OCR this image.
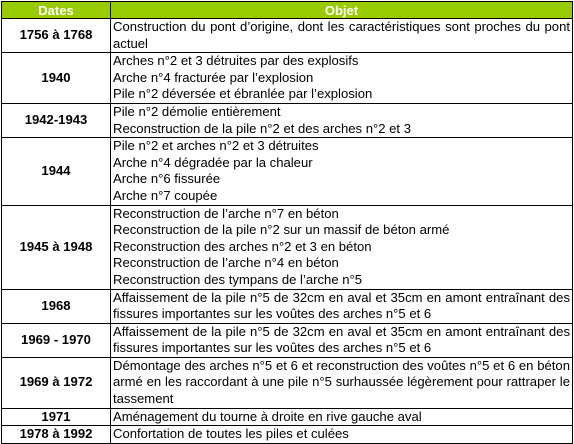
Dates	Objet
1756 à 1768	Construction du pont d’origine, dont les caractéristiques sont proches du pont actuel

1940	Arches n°2 et 3 détruites par des explosifs
Arche n°4 fracturée par l’explosion
Pile n°2 déversée et ébranlée par l’explosion

1942-1943	Pile n°2 démolie entièrement
Reconstruction de la pile n°2 et des arches n°2 et 3

1944	Pile n°2 et arches n°2 et 3 détruites
Arche n°4 dégradée par la chaleur
Arche n°6 fissurée
Arche n°7 coupée

1945 à 1948	Reconstruction de l’arche n°7 en béton
Reconstruction de la pile n°2 sur un massif de béton armé
Reconstruction des arches n°2 et 3 en béton
Reconstruction de l’arche n°4 en béton
Reconstruction des tympans de l’arche n°5

1968	Affaissement de la pile n°5 de 32cm en aval et 35cm en amont entraînant des fissures importantes sur les voûtes des arches n°5 et 6

1969 - 1970	Affaissement de la pile n°5 de 32cm en aval et 35cm en amont entraînant des fissures importantes sur les voûtes des arches n°5 et 6

1969 à 1972	Démontage des arches n°5 et 6 et reconstruction des voûtes n°5 et 6 en béton armé en les raccordant à une pile n°5 surhaussée légèrement pour rattraper le tassement

1971	Aménagement du tourne à droite en rive gauche aval

1978 à 1992	Confortation de toutes les piles et culées
